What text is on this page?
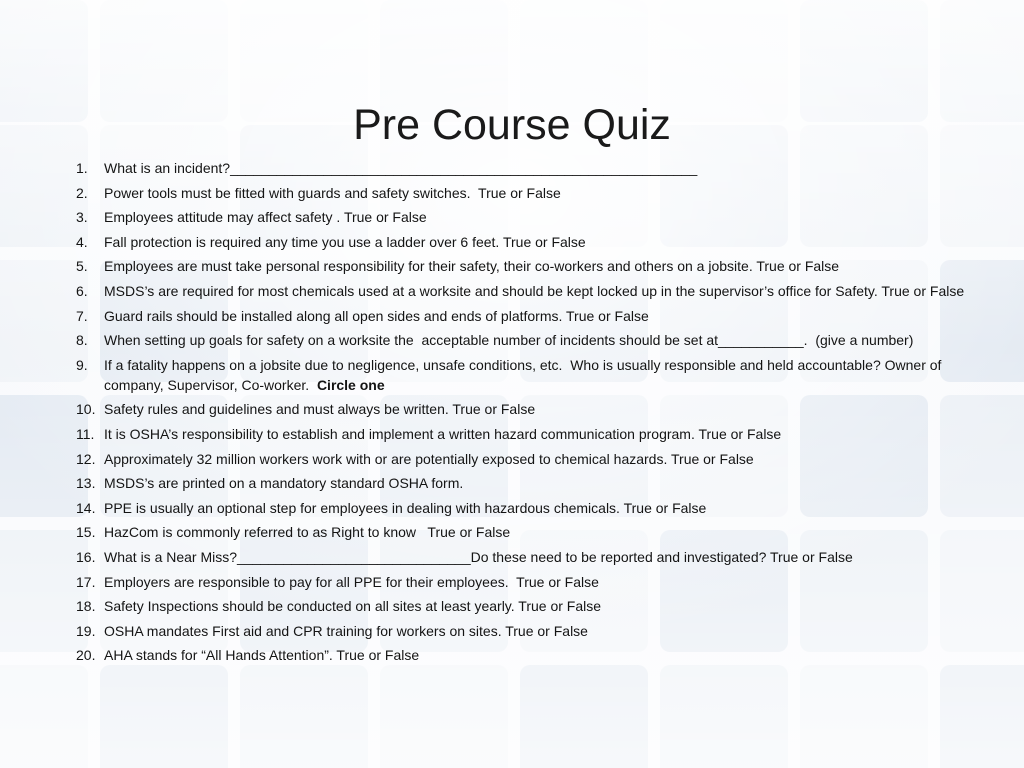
Pre Course Quiz
1.	What is an incident?____________________________________________________________
2.	Power tools must be fitted with guards and safety switches.  True or False
3.	Employees attitude may affect safety . True or False
4.	Fall protection is required any time you use a ladder over 6 feet. True or False
5.	Employees are must take personal responsibility for their safety, their co-workers and others on a jobsite. True or False
6.	MSDS’s are required for most chemicals used at a worksite and should be kept locked up in the supervisor’s office for Safety. True or False
7.	Guard rails should be installed along all open sides and ends of platforms. True or False
8.	When setting up goals for safety on a worksite the  acceptable number of incidents should be set at___________.  (give a number)
9.	If a fatality happens on a jobsite due to negligence, unsafe conditions, etc.  Who is usually responsible and held accountable? Owner of company, Supervisor, Co-worker.  Circle one
10. Safety rules and guidelines and must always be written. True or False
11. It is OSHA’s responsibility to establish and implement a written hazard communication program. True or False
12. Approximately 32 million workers work with or are potentially exposed to chemical hazards. True or False
13. MSDS’s are printed on a mandatory standard OSHA form.
14. PPE is usually an optional step for employees in dealing with hazardous chemicals. True or False
15. HazCom is commonly referred to as Right to know   True or False
16. What is a Near Miss?______________________________Do these need to be reported and investigated? True or False
17. Employers are responsible to pay for all PPE for their employees.  True or False
18. Safety Inspections should be conducted on all sites at least yearly. True or False
19. OSHA mandates First aid and CPR training for workers on sites. True or False
20. AHA stands for “All Hands Attention”. True or False
